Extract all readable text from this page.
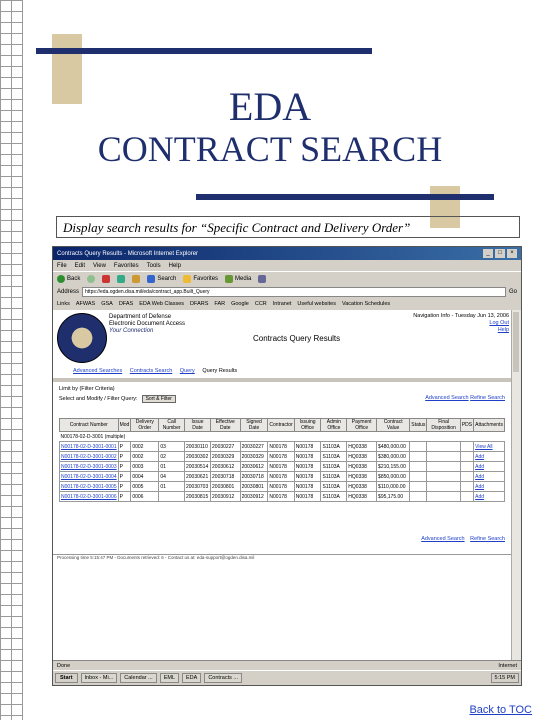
EDA
CONTRACT SEARCH
Display search results for “Specific Contract and Delivery Order”
Contracts Query Results - Microsoft Internet Explorer	_	□	×
File Edit View Favorites Tools Help
Back	Search	Favorites	Media
Address	https://eda.ogden.disa.mil/eda/contract_app.Built_Query	Go
Links AFWAS GSA DFAS EDA Web Classes DFARS FAR Google CCR Intranet Useful websites Vacation Schedules
Department of Defense
Electronic Document Access
Your Connection
Contracts Query Results
Navigation Info - Tuesday Jun 13, 2006
Log Out
Help
Advanced Searches Contracts Search Query Query Results
Limit by (Filter Criteria)
Select and Modify / Filter Query:	Sort & Filter	Advanced Search Refine Search
Contract Number	Mod	Delivery Order	Call Number	Issue Date	Effective Date	Signed Date	Contractor	Issuing Office	Admin Office	Payment Office	Contract Value	Status	Final Disposition	PDS	Attachments
N00178-02-D-3001 (multiple)															
N00178-02-D-3001-0001	P	0002	03	20030110	20030227	20030227	N00178	N00178	S1103A	HQ0338	$480,000.00				View All
N00178-02-D-3001-0002	P	0002	02	20030302	20030329	20030329	N00178	N00178	S1103A	HQ0338	$380,000.00				Add
N00178-02-D-3001-0003	P	0003	01	20030514	20030612	20030612	N00178	N00178	S1103A	HQ0338	$210,155.00				Add
N00178-02-D-3001-0004	P	0004	04	20030621	20030718	20030718	N00178	N00178	S1103A	HQ0338	$850,000.00				Add
N00178-02-D-3001-0005	P	0005	01	20030703	20030801	20030801	N00178	N00178	S1103A	HQ0338	$110,000.00				Add
N00178-02-D-3001-0006	P	0006		20030815	20030912	20030912	N00178	N00178	S1103A	HQ0338	$95,175.00				Add
Advanced Search Refine Search
Processing time 5:15:47 PM - Documents retrieved: 6 - Contact us at: eda-support@ogden.disa.mil
Done	Internet
Start	Inbox - Mi...	Calendar ...	EML	EDA	Contracts ...	5:15 PM
Back to TOC
